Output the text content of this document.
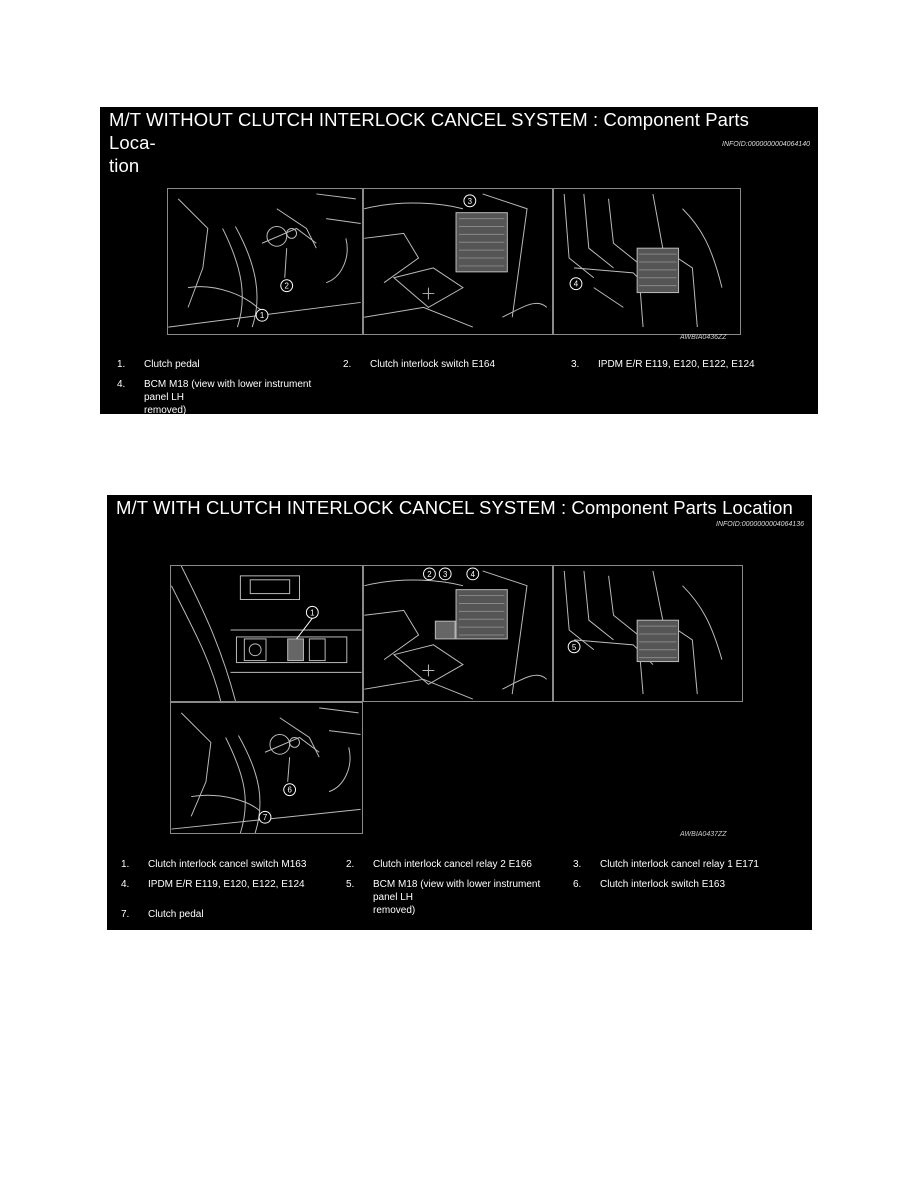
M/T WITHOUT CLUTCH INTERLOCK CANCEL SYSTEM : Component Parts Loca-
tion
INFOID:0000000004064140
2
1
3
4
AWBIA0436ZZ
1. Clutch pedal	2. Clutch interlock switch E164	3. IPDM E/R E119, E120, E122, E124
4. BCM M18 (view with lower instrument
panel LH removed)
M/T WITH CLUTCH INTERLOCK CANCEL SYSTEM : Component Parts Location
INFOID:0000000004064136
1
2 3	4
5
6
7
AWBIA0437ZZ
1. Clutch interlock cancel switch M163	2. Clutch interlock cancel relay 2 E166	3. Clutch interlock cancel relay 1 E171
4. IPDM E/R E119, E120, E122, E124	5. BCM M18 (view with lower instrument
panel LH removed)
6. Clutch interlock switch E163
7. Clutch pedal
